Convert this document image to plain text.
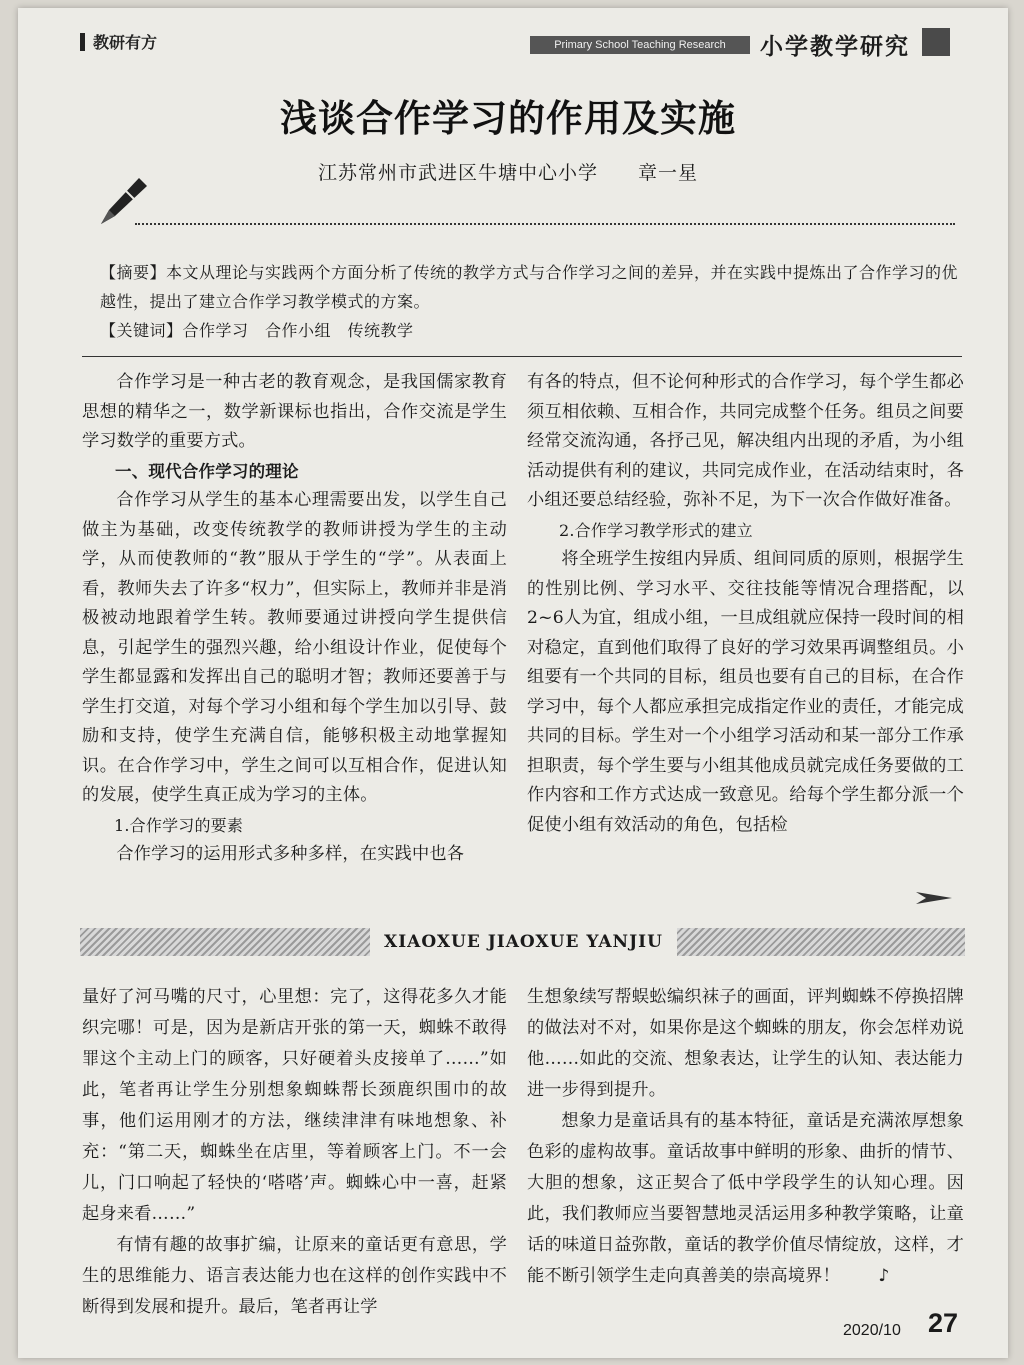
教研有方	Primary School Teaching Research	小学教学研究
浅谈合作学习的作用及实施
江苏常州市武进区牛塘中心小学 章一星

【摘要】本文从理论与实践两个方面分析了传统的教学方式与合作学习之间的差异，并在实践中提炼出了合作学习的优越性，提出了建立合作学习教学模式的方案。

【关键词】合作学习　合作小组　传统教学

合作学习是一种古老的教育观念，是我国儒家教育思想的精华之一，数学新课标也指出，合作交流是学生学习数学的重要方式。

一、现代合作学习的理论

合作学习从学生的基本心理需要出发，以学生自己做主为基础，改变传统教学的教师讲授为学生的主动学，从而使教师的“教”服从于学生的“学”。从表面上看，教师失去了许多“权力”，但实际上，教师并非是消极被动地跟着学生转。教师要通过讲授向学生提供信息，引起学生的强烈兴趣，给小组设计作业，促使每个学生都显露和发挥出自己的聪明才智；教师还要善于与学生打交道，对每个学习小组和每个学生加以引导、鼓励和支持，使学生充满自信，能够积极主动地掌握知识。在合作学习中，学生之间可以互相合作，促进认知的发展，使学生真正成为学习的主体。

1.合作学习的要素

合作学习的运用形式多种多样，在实践中也各

有各的特点，但不论何种形式的合作学习，每个学生都必须互相依赖、互相合作，共同完成整个任务。组员之间要经常交流沟通，各抒己见，解决组内出现的矛盾，为小组活动提供有利的建议，共同完成作业，在活动结束时，各小组还要总结经验，弥补不足，为下一次合作做好准备。

2.合作学习教学形式的建立

将全班学生按组内异质、组间同质的原则，根据学生的性别比例、学习水平、交往技能等情况合理搭配，以2~6人为宜，组成小组，一旦成组就应保持一段时间的相对稳定，直到他们取得了良好的学习效果再调整组员。小组要有一个共同的目标，组员也要有自己的目标，在合作学习中，每个人都应承担完成指定作业的责任，才能完成共同的目标。学生对一个小组学习活动和某一部分工作承担职责，每个学生要与小组其他成员就完成任务要做的工作内容和工作方式达成一致意见。给每个学生都分派一个促使小组有效活动的角色，包括检

XIAOXUE JIAOXUE YANJIU

量好了河马嘴的尺寸，心里想：完了，这得花多久才能织完哪！可是，因为是新店开张的第一天，蜘蛛不敢得罪这个主动上门的顾客，只好硬着头皮接单了……”如此，笔者再让学生分别想象蜘蛛帮长颈鹿织围巾的故事，他们运用刚才的方法，继续津津有味地想象、补充：“第二天，蜘蛛坐在店里，等着顾客上门。不一会儿，门口响起了轻快的‘嗒嗒’声。蜘蛛心中一喜，赶紧起身来看……”

有情有趣的故事扩编，让原来的童话更有意思，学生的思维能力、语言表达能力也在这样的创作实践中不断得到发展和提升。最后，笔者再让学

生想象续写帮蜈蚣编织袜子的画面，评判蜘蛛不停换招牌的做法对不对，如果你是这个蜘蛛的朋友，你会怎样劝说他……如此的交流、想象表达，让学生的认知、表达能力进一步得到提升。

想象力是童话具有的基本特征，童话是充满浓厚想象色彩的虚构故事。童话故事中鲜明的形象、曲折的情节、大胆的想象，这正契合了低中学段学生的认知心理。因此，我们教师应当要智慧地灵活运用多种教学策略，让童话的味道日益弥散，童话的教学价值尽情绽放，这样，才能不断引领学生走向真善美的崇高境界！ ♪

2020/10 27
